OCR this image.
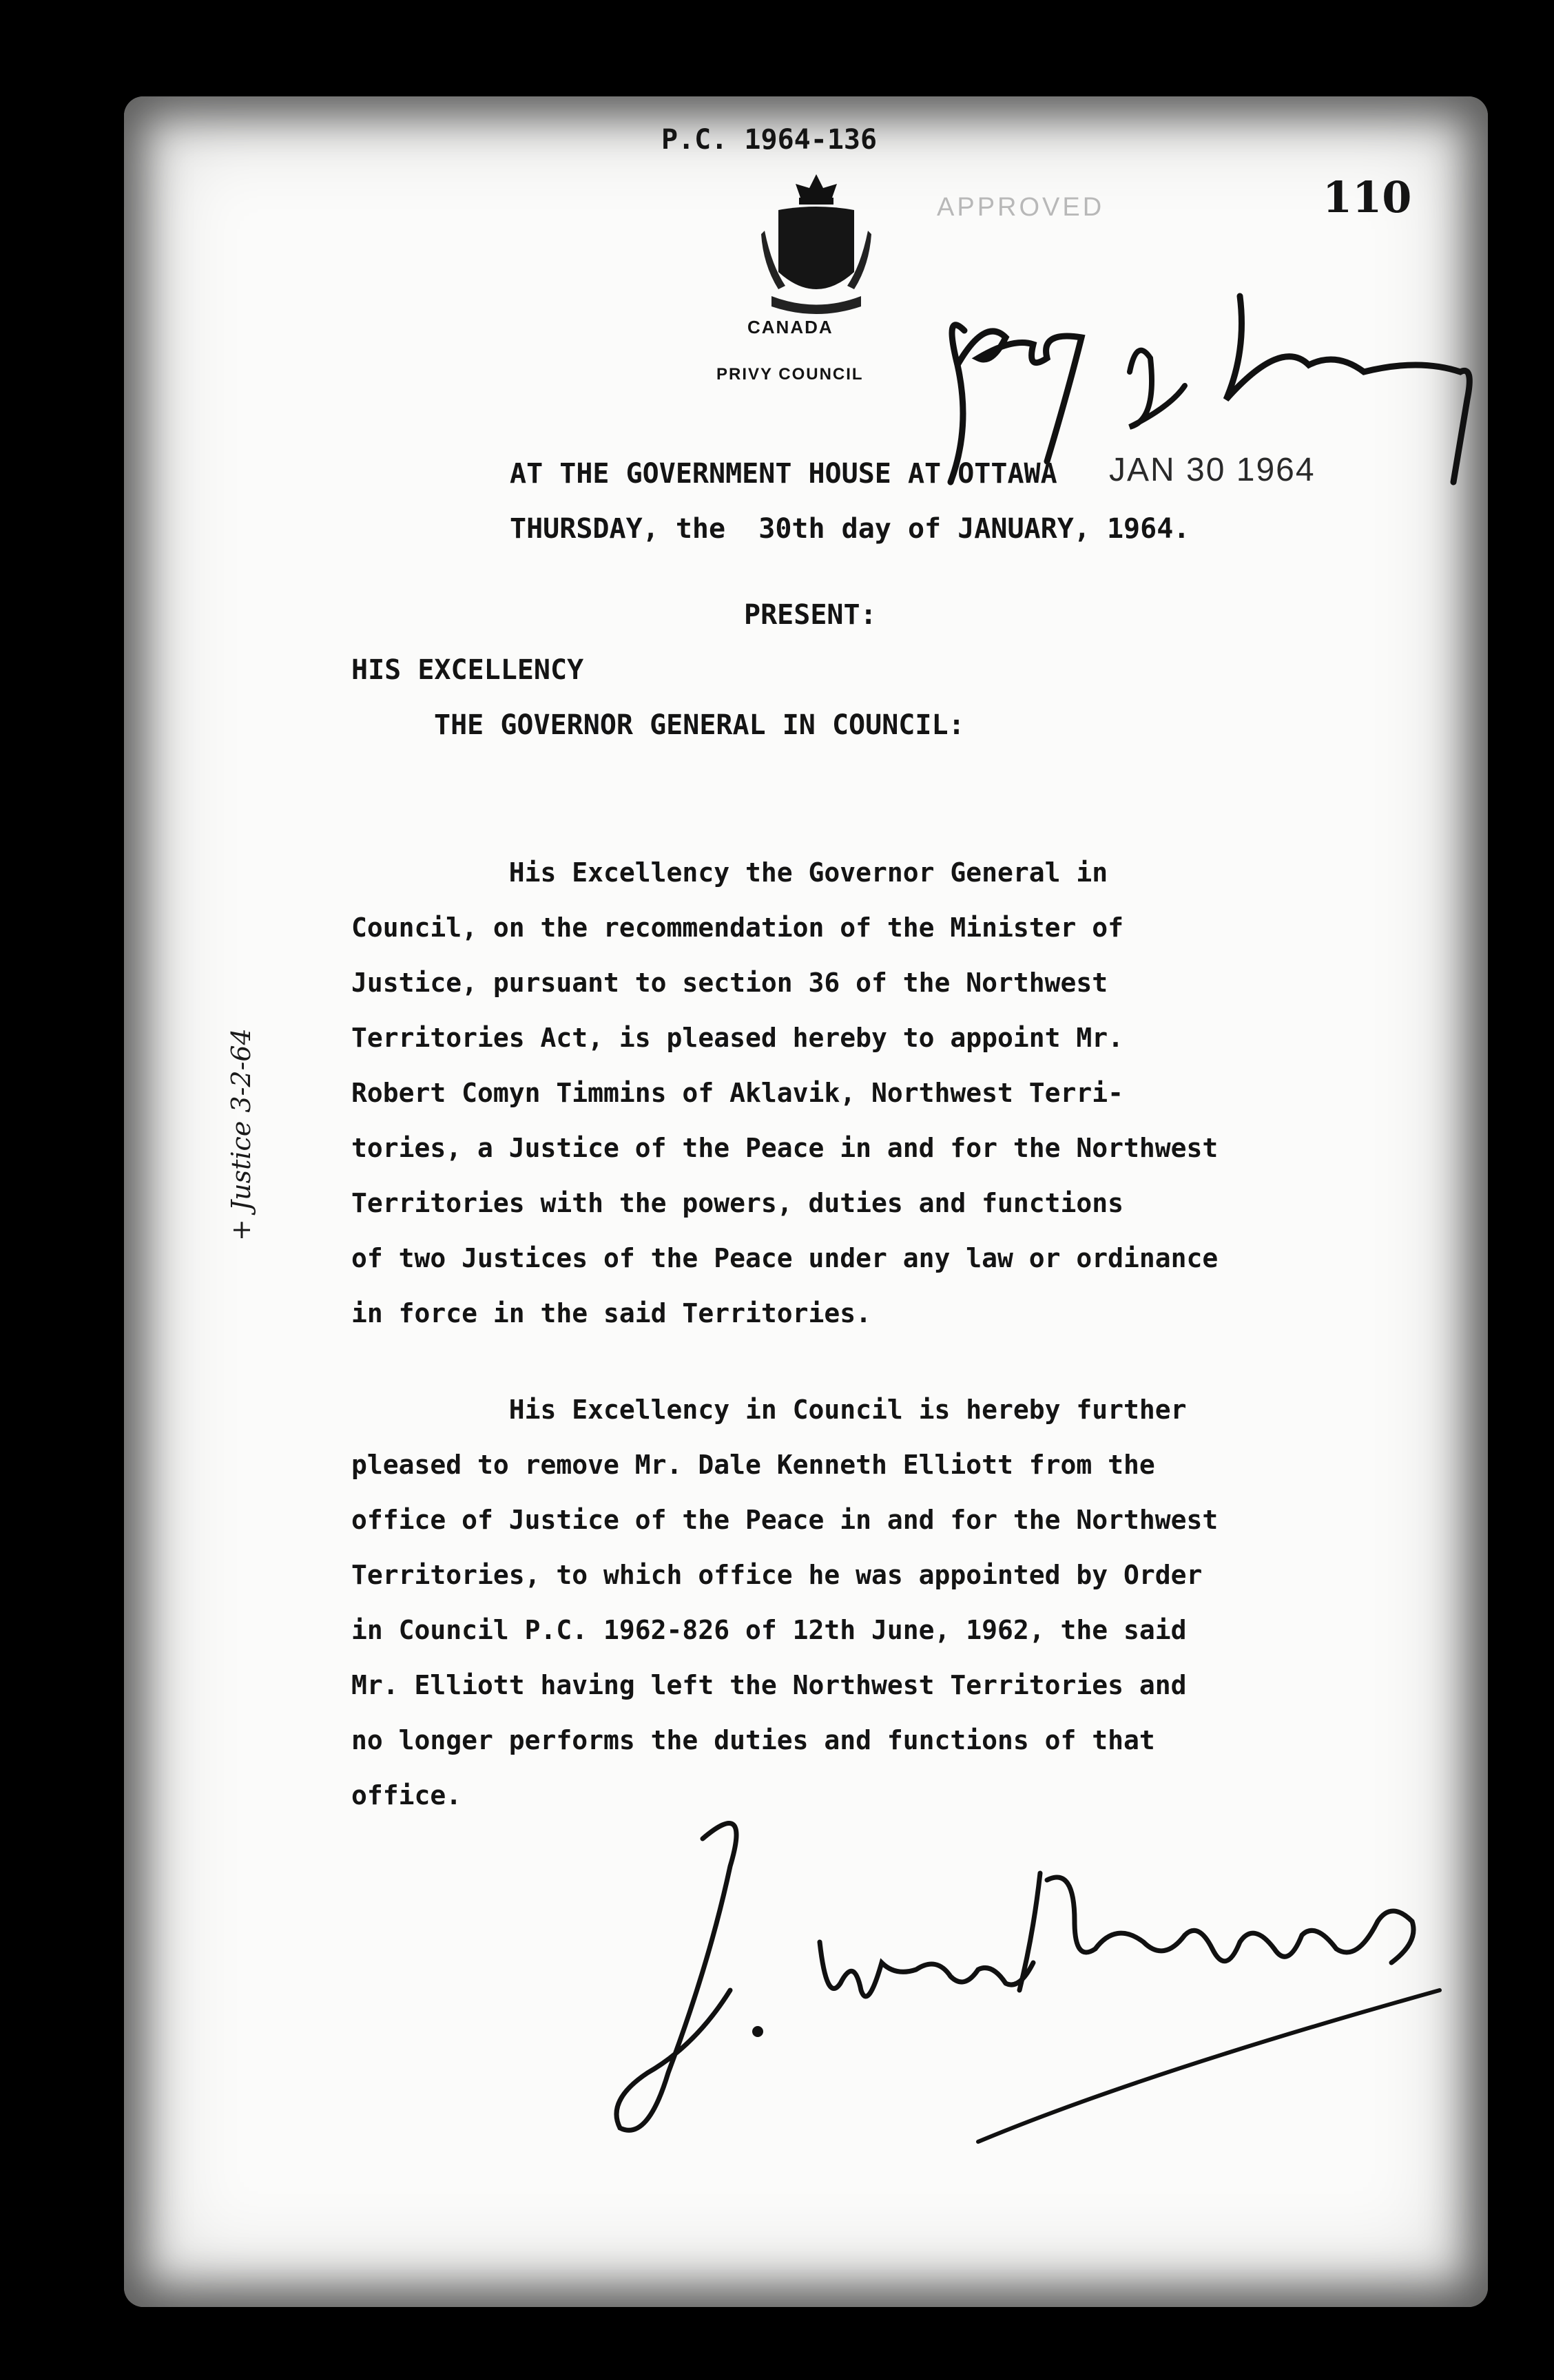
P.C. 1964-136
APPROVED	110
CANADA
PRIVY COUNCIL
JAN 30 1964
AT THE GOVERNMENT HOUSE AT OTTAWA
THURSDAY, the  30th day of JANUARY, 1964.
PRESENT:
HIS EXCELLENCY
THE GOVERNOR GENERAL IN COUNCIL:
+ Justice 3-2-64
His Excellency the Governor General in
Council, on the recommendation of the Minister of
Justice, pursuant to section 36 of the Northwest
Territories Act, is pleased hereby to appoint Mr.
Robert Comyn Timmins of Aklavik, Northwest Terri-
tories, a Justice of the Peace in and for the Northwest
Territories with the powers, duties and functions
of two Justices of the Peace under any law or ordinance
in force in the said Territories.
His Excellency in Council is hereby further
pleased to remove Mr. Dale Kenneth Elliott from the
office of Justice of the Peace in and for the Northwest
Territories, to which office he was appointed by Order
in Council P.C. 1962-826 of 12th June, 1962, the said
Mr. Elliott having left the Northwest Territories and
no longer performs the duties and functions of that
office.
